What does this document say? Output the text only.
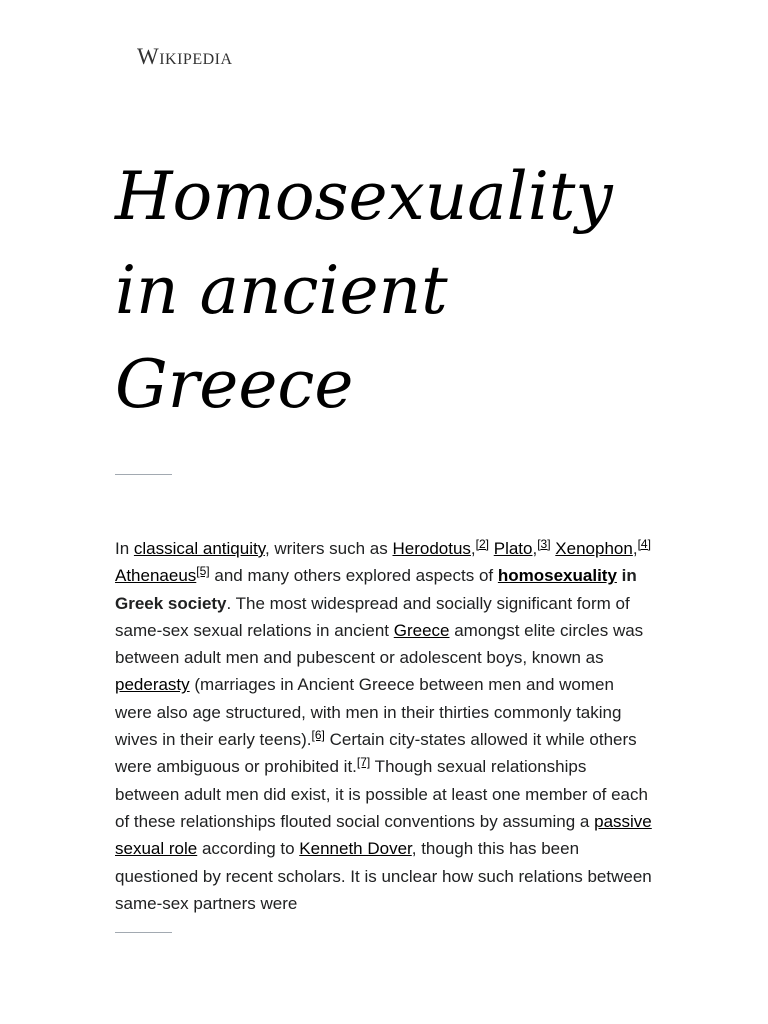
Wikipedia
Homosexuality in ancient Greece

In classical antiquity, writers such as Herodotus,[2] Plato,[3] Xenophon,[4] Athenaeus[5] and many others explored aspects of homosexuality in Greek society. The most widespread and socially significant form of same-sex sexual relations in ancient Greece amongst elite circles was between adult men and pubescent or adolescent boys, known as pederasty (marriages in Ancient Greece between men and women were also age structured, with men in their thirties commonly taking wives in their early teens).[6] Certain city-states allowed it while others were ambiguous or prohibited it.[7] Though sexual relationships between adult men did exist, it is possible at least one member of each of these relationships flouted social conventions by assuming a passive sexual role according to Kenneth Dover, though this has been questioned by recent scholars. It is unclear how such relations between same-sex partners were
